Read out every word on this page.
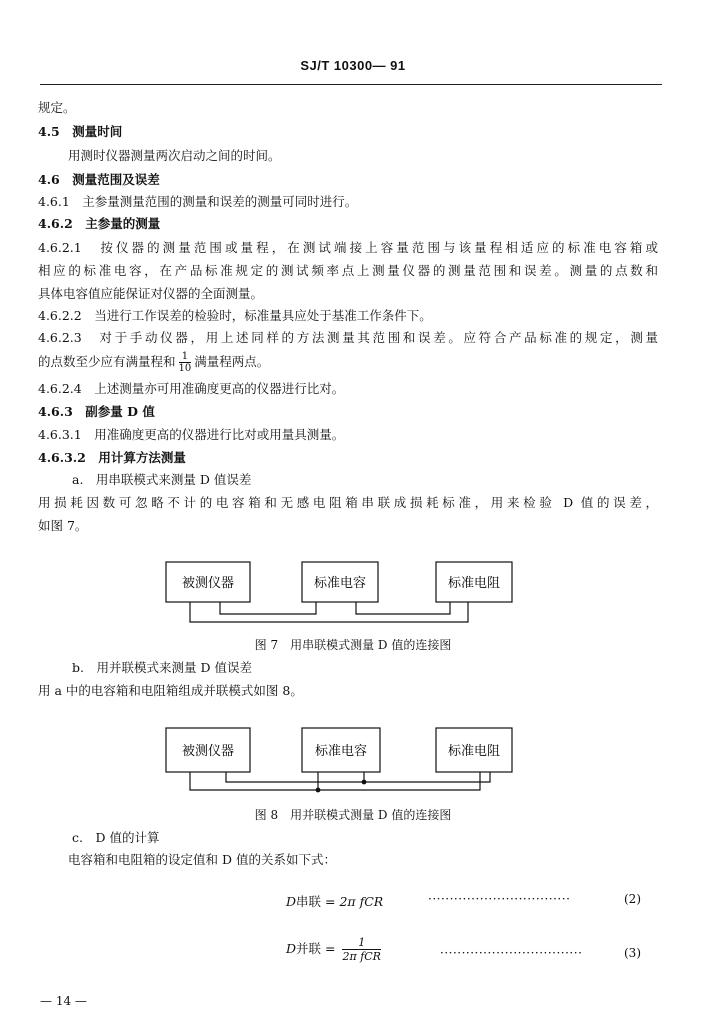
SJ/T 10300— 91
规定。
4.5　测量时间
用测时仪器测量两次启动之间的时间。
4.6　测量范围及误差
4.6.1　主参量测量范围的测量和误差的测量可同时进行。
4.6.2　主参量的测量
4.6.2.1　按仪器的测量范围或量程，在测试端接上容量范围与该量程相适应的标准电容箱或
相应的标准电容，在产品标准规定的测试频率点上测量仪器的测量范围和误差。测量的点数和
具体电容值应能保证对仪器的全面测量。
4.6.2.2　当进行工作误差的检验时，标准量具应处于基准工作条件下。
4.6.2.3　对于手动仪器，用上述同样的方法测量其范围和误差。应符合产品标准的规定，测量
的点数至少应有满量程和 $\frac{1}{10}$ 满量程两点。
4.6.2.4　上述测量亦可用准确度更高的仪器进行比对。
4.6.3　副参量 D 值
4.6.3.1　用准确度更高的仪器进行比对或用量具测量。
4.6.3.2　用计算方法测量
a.　用串联模式来测量 D 值误差
用损耗因数可忽略不计的电容箱和无感电阻箱串联成损耗标准，用来检验 D 值的误差，
如图 7。
被测仪器	标准电容	标准电阻
图 7　用串联模式测量 D 值的连接图
b.　用并联模式来测量 D 值误差
用 a 中的电容箱和电阻箱组成并联模式如图 8。
被测仪器	标准电容	标准电阻
图 8　用并联模式测量 D 值的连接图
c.　D 值的计算
电容箱和电阻箱的设定值和 D 值的关系如下式：
D串联 = 2π fCR	·································	(2)
D并联 = $\frac{1}{\text{2π fCR}}$	·································	(3)
— 14 —
